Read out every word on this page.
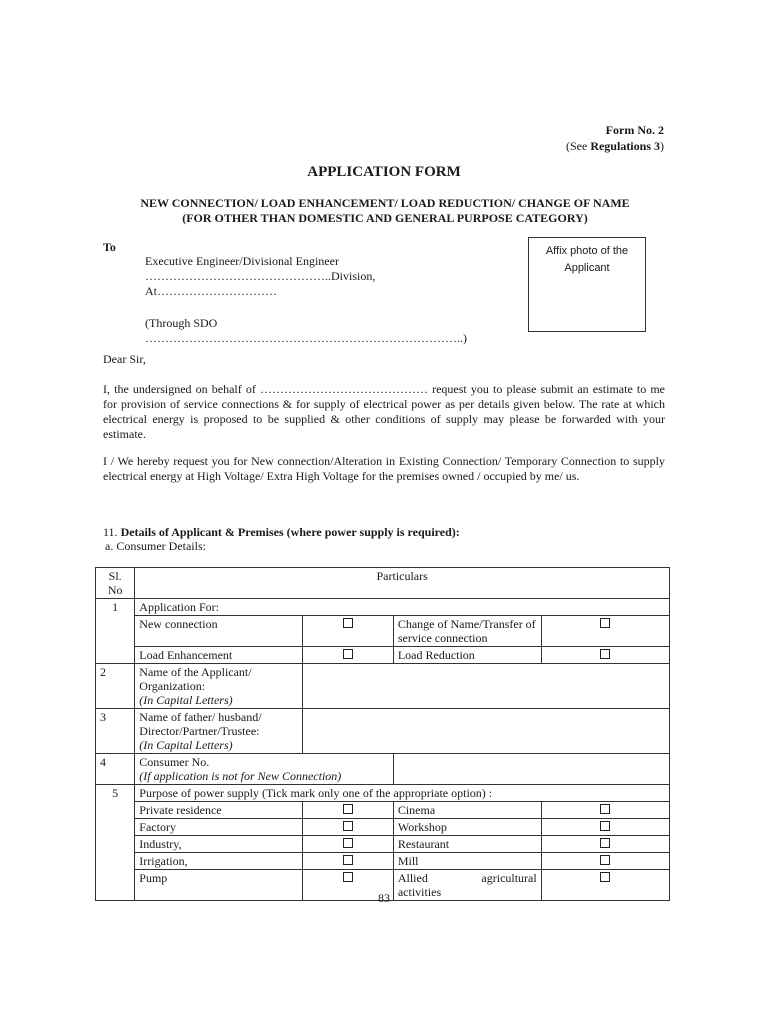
Form No. 2
(See Regulations 3)
APPLICATION FORM
NEW CONNECTION/ LOAD ENHANCEMENT/ LOAD REDUCTION/ CHANGE OF NAME
(FOR OTHER THAN DOMESTIC AND GENERAL PURPOSE CATEGORY)
To
Executive Engineer/Divisional Engineer
………………………………………..Division,
At…………………………
(Through SDO
……………………………………………………………………..)
Affix photo of the
Applicant
Dear Sir,
I, the undersigned on behalf of …………………………………… request you to please submit an estimate to me for provision of service connections & for supply of electrical power as per details given below. The rate at which electrical energy is proposed to be supplied & other conditions of supply may please be forwarded with your estimate.
I / We hereby request you for New connection/Alteration in Existing Connection/ Temporary Connection to supply electrical energy at High Voltage/ Extra High Voltage for the premises owned / occupied by me/ us.
11. Details of Applicant & Premises (where power supply is required):
a. Consumer Details:
Sl. No	Particulars			
1	Application For:			
	New connection		Change of Name/Transfer of service connection	
	Load Enhancement		Load Reduction	
2	Name of the Applicant/ Organization:
(In Capital Letters)			

3	Name of father/ husband/ Director/Partner/Trustee:
(In Capital Letters)			

4	Consumer No.
(If application is not for New Connection)			

5	Purpose of power supply (Tick mark only one of the appropriate option) :			
	Private residence		Cinema	
	Factory		Workshop	
	Industry,		Restaurant	
	Irrigation,		Mill	
	Pump		Allied agricultural
activities	

83
